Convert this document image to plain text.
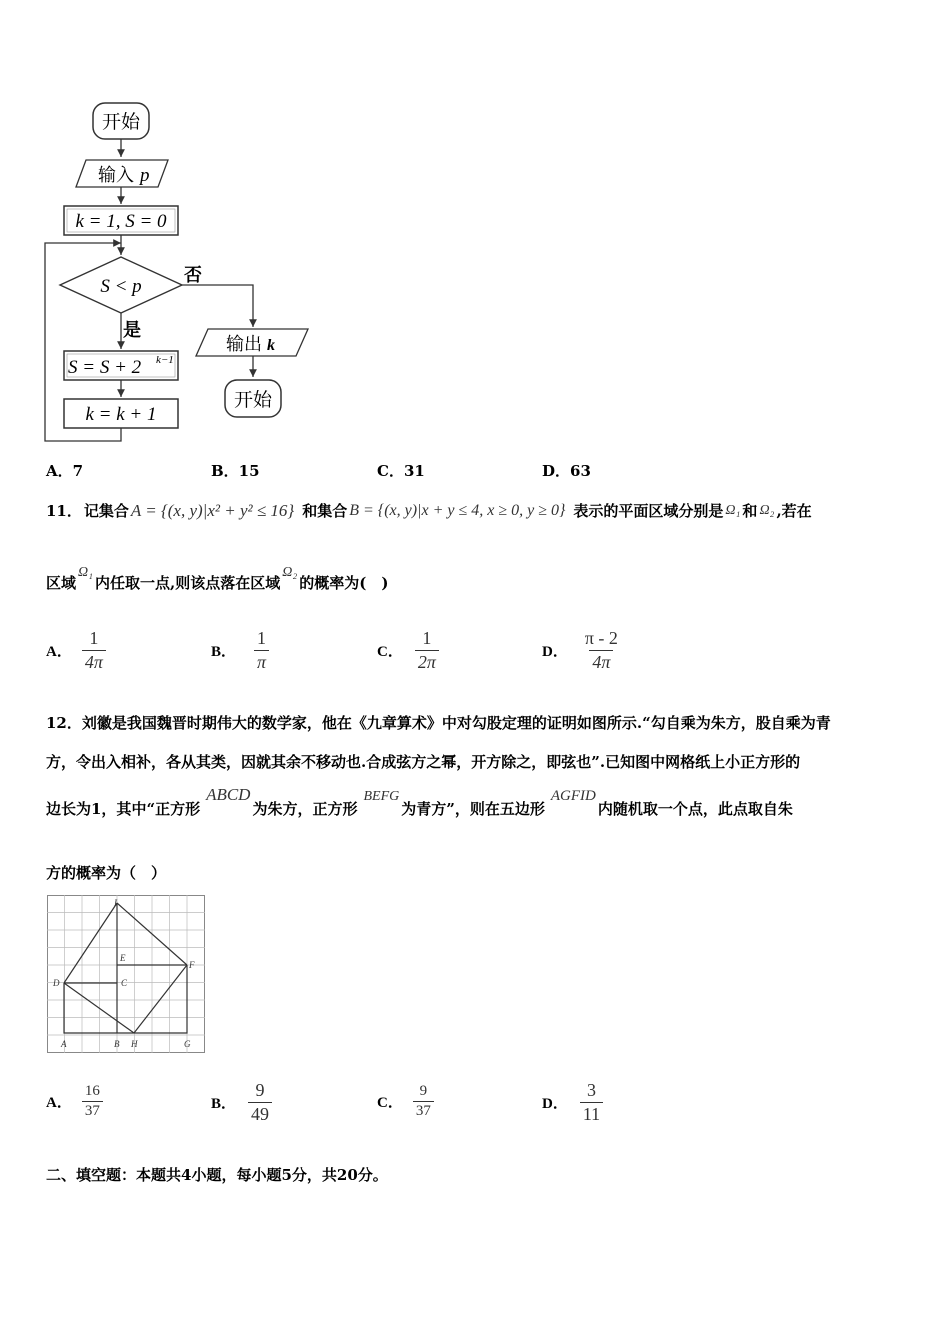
开始
输入 p
k = 1, S = 0
S < p
否
是
S = S + 2 k−1
k = k + 1
输出 k
开始
A．7	B．15	C．31	D．63
11． 记集合 A = {(x, y)|x² + y² ≤ 16} 和集合 B = {(x, y)|x + y ≤ 4, x ≥ 0, y ≥ 0} 表示的平面区域分别是 Ω₁ 和 Ω₂ ,若在
区域
Ω₁
内任取一点,则该点落在区域
Ω₂
的概率为(　)
A． $\frac{1}{4\pi}$	B． $\frac{1}{\pi}$	C． $\frac{1}{2\pi}$	D． $\frac{\pi - 2}{4\pi}$
12．刘徽是我国魏晋时期伟大的数学家，他在《九章算术》中对勾股定理的证明如图所示.“勾自乘为朱方，股自乘为青
方，令出入相补，各从其类，因就其余不移动也.合成弦方之幂，开方除之，即弦也”.已知图中网格纸上小正方形的
边长为1，其中“正方形
ABCD
为朱方，正方形
BEFG
为青方”，则在五边形
AGFID
内随机取一个点，此点取自朱
方的概率为（　）
I
E
F
D	C
A	B H	G
A． $\frac{16}{37}$	B． $\frac{9}{49}$	C． $\frac{9}{37}$	D． $\frac{3}{11}$
二、填空题：本题共4小题，每小题5分，共20分。
